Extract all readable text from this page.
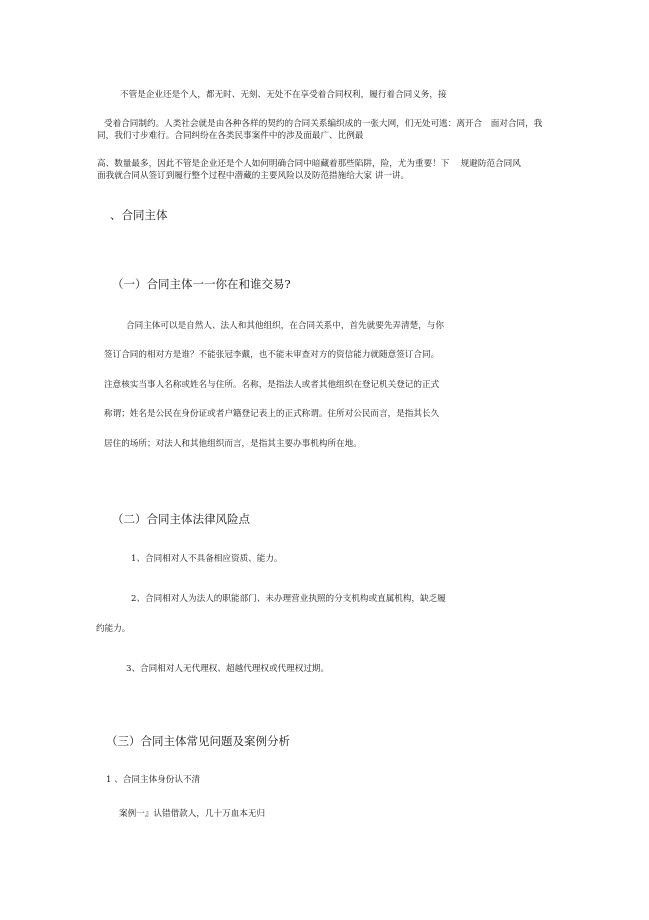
不管是企业还是个人，都无时、无刻、无处不在享受着合同权利，履行着合同义务，接
受着合同制约。人类社会就是由各种各样的契约的合同关系编织成的一张大网，们无处可逃：离开合　面对合同，我
同，我们寸步难行。合同纠纷在各类民事案件中的涉及面最广、比例最
高、数量最多，因此不管是企业还是个人如何明确合同中暗藏着那些陷阱，险，尤为重要！下　 规避防范合同风
面我就合同从签订到履行整个过程中潜藏的主要风险以及防范措施给大家 讲一讲。
、合同主体
（一）合同主体一一你在和谁交易?
合同主体可以是自然人、法人和其他组织，在合同关系中，首先就要先弄清楚，与你
签订合同的相对方是谁？不能张冠李戴，也不能未审查对方的资信能力就随意签订合同。
注意核实当事人名称或姓名与住所。名称，是指法人或者其他组织在登记机关登记的正式
称谓；姓名是公民在身份证或者户籍登记表上的正式称谓。住所对公民而言，是指其长久
居住的场所；对法人和其他组织而言，是指其主要办事机构所在地。
（二）合同主体法律风险点
1、合同相对人不具备相应资质、能力。
2、合同相对人为法人的职能部门、未办理营业执照的分支机构或直属机构，缺乏履
约能力。
3、合同相对人无代理权、超越代理权或代理权过期。
（三）合同主体常见问题及案例分析
1 、合同主体身份认不清
案例一』认错借款人，几十万血本无归
